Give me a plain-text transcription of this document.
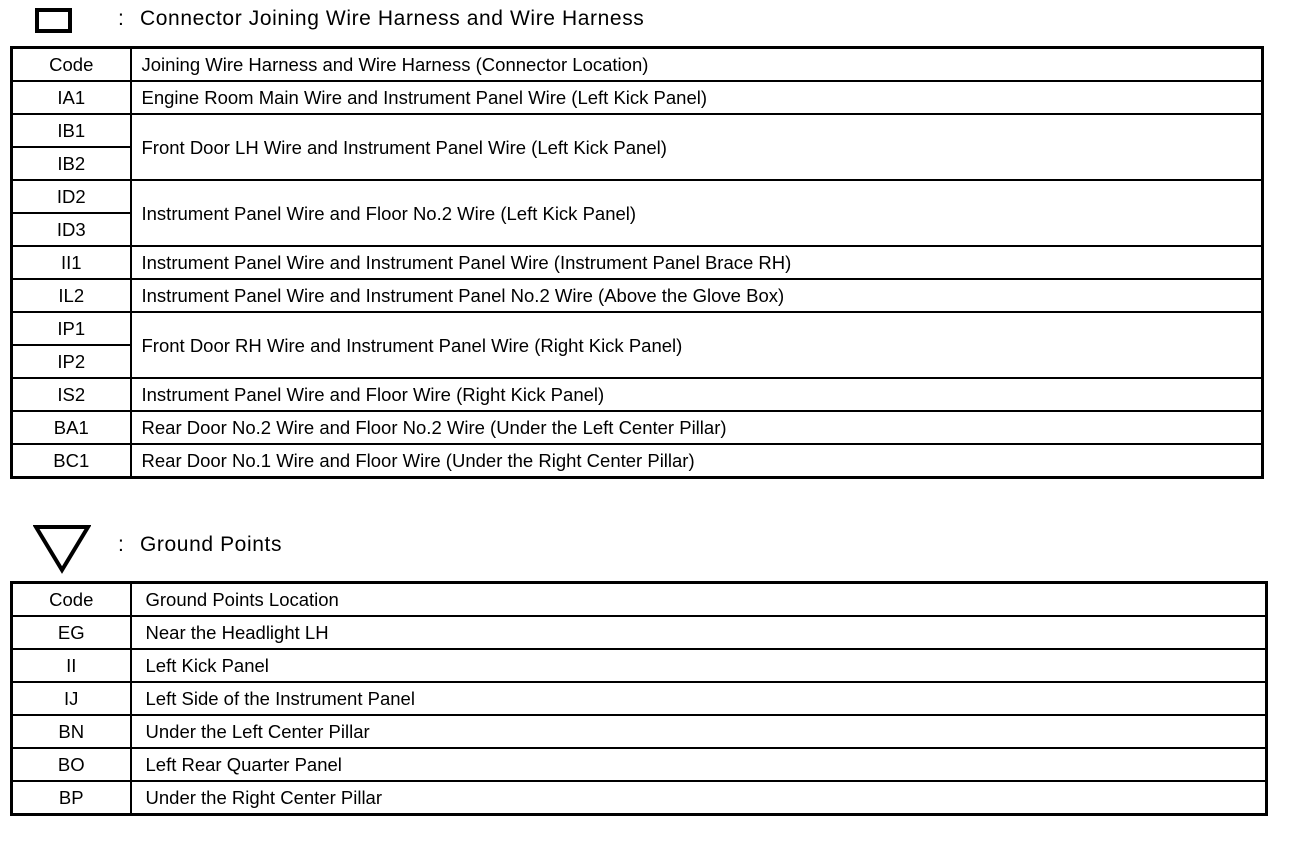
: Connector Joining Wire Harness and Wire Harness
Code	Joining Wire Harness and Wire Harness (Connector Location)
IA1	Engine Room Main Wire and Instrument Panel Wire (Left Kick Panel)
IB1	Front Door LH Wire and Instrument Panel Wire (Left Kick Panel)
IB2	
ID2	Instrument Panel Wire and Floor No.2 Wire (Left Kick Panel)
ID3	
II1	Instrument Panel Wire and Instrument Panel Wire (Instrument Panel Brace RH)
IL2	Instrument Panel Wire and Instrument Panel No.2 Wire (Above the Glove Box)
IP1	Front Door RH Wire and Instrument Panel Wire (Right Kick Panel)
IP2	
IS2	Instrument Panel Wire and Floor Wire (Right Kick Panel)
BA1	Rear Door No.2 Wire and Floor No.2 Wire (Under the Left Center Pillar)
BC1	Rear Door No.1 Wire and Floor Wire (Under the Right Center Pillar)
: Ground Points
Code	Ground Points Location
EG	Near the Headlight LH
II	Left Kick Panel
IJ	Left Side of the Instrument Panel
BN	Under the Left Center Pillar
BO	Left Rear Quarter Panel
BP	Under the Right Center Pillar
